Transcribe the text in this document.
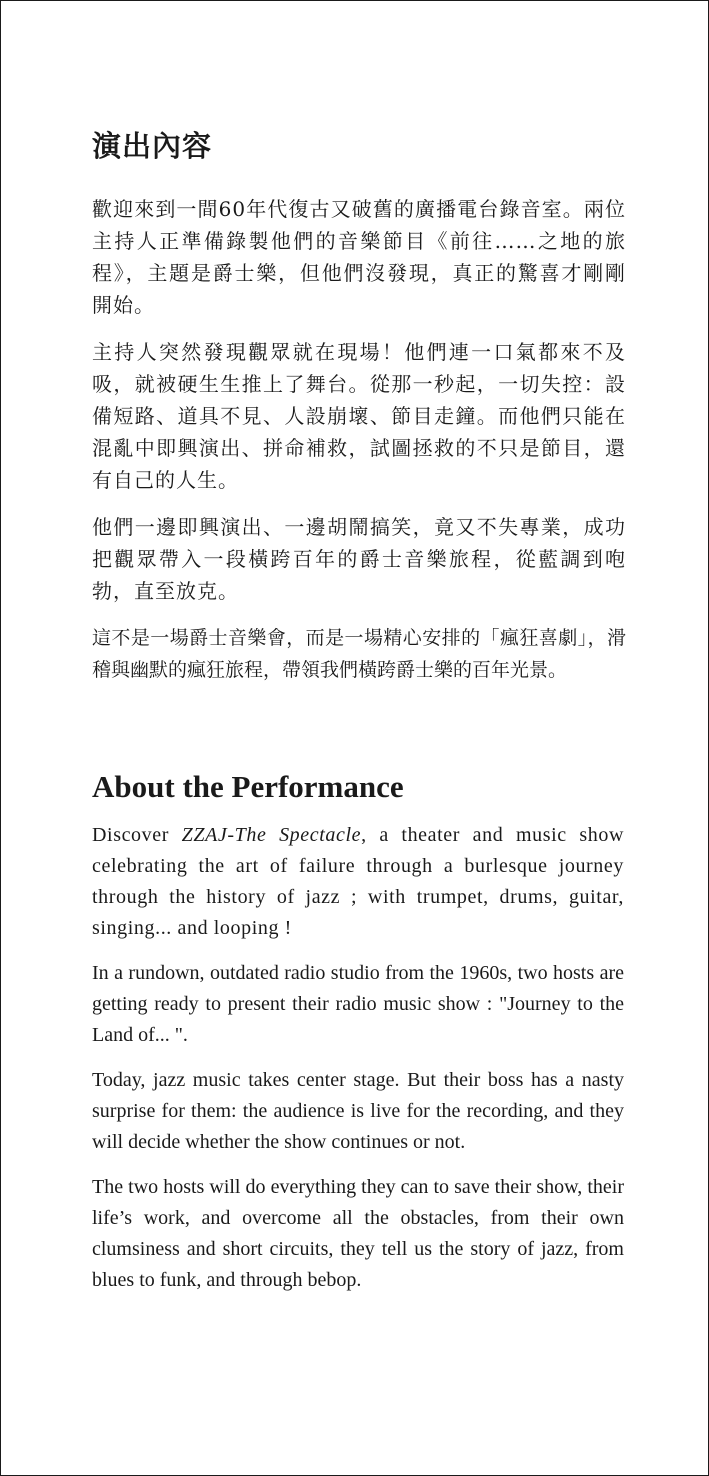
演出內容

歡迎來到一間60年代復古又破舊的廣播電台錄音室。兩位主持人正準備錄製他們的音樂節目《前往……之地的旅程》，主題是爵士樂，但他們沒發現，真正的驚喜才剛剛開始。

主持人突然發現觀眾就在現場！他們連一口氣都來不及吸，就被硬生生推上了舞台。從那一秒起，一切失控：設備短路、道具不見、人設崩壞、節目走鐘。而他們只能在混亂中即興演出、拼命補救，試圖拯救的不只是節目，還有自己的人生。

他們一邊即興演出、一邊胡鬧搞笑，竟又不失專業，成功把觀眾帶入一段橫跨百年的爵士音樂旅程，從藍調到咆勃，直至放克。

這不是一場爵士音樂會，而是一場精心安排的「瘋狂喜劇」，滑稽與幽默的瘋狂旅程，帶領我們橫跨爵士樂的百年光景。

About the Performance

Discover ZZAJ-The Spectacle, a theater and music show celebrating the art of failure through a burlesque journey through the history of jazz ; with trumpet, drums, guitar, singing... and looping !

In a rundown, outdated radio studio from the 1960s, two hosts are getting ready to present their radio music show : "Journey to the Land of... ".

Today, jazz music takes center stage. But their boss has a nasty surprise for them: the audience is live for the recording, and they will decide whether the show continues or not.

The two hosts will do everything they can to save their show, their life’s work, and overcome all the obstacles, from their own clumsiness and short circuits, they tell us the story of jazz, from blues to funk, and through bebop.
